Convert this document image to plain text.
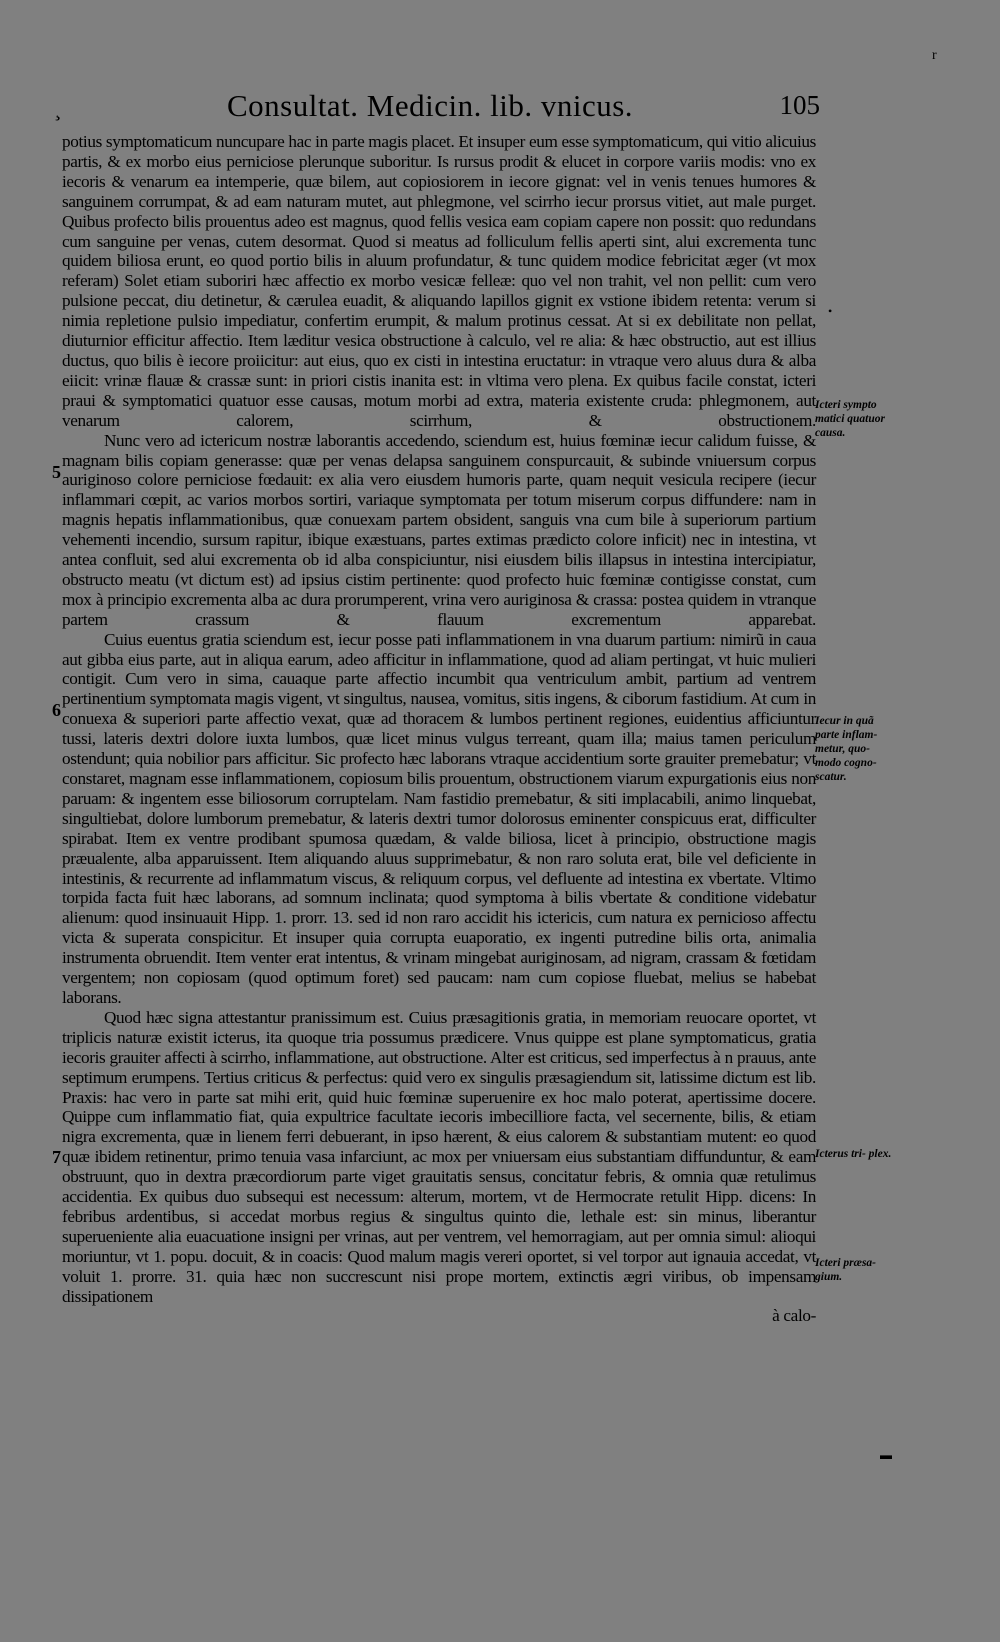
¸	Consultat. Medicin. lib. vnicus.	105
r

potius symptomaticum nuncupare hac in parte magis placet. Et insuper eum esse symptomaticum, qui vitio alicuius partis, & ex morbo eius perniciose plerunque suboritur. Is rursus prodit & elucet in corpore variis modis: vno ex iecoris & venarum ea intemperie, quæ bilem, aut copiosiorem in iecore gignat: vel in venis tenues humores & sanguinem corrumpat, & ad eam naturam mutet, aut phlegmone, vel scirrho iecur prorsus vitiet, aut male purget. Quibus profecto bilis prouentus adeo est magnus, quod fellis vesica eam copiam capere non possit: quo redundans cum sanguine per venas, cutem desormat. Quod si meatus ad folliculum fellis aperti sint, alui excrementa tunc quidem biliosa erunt, eo quod portio bilis in aluum profundatur, & tunc quidem modice febricitat æger (vt mox referam) Solet etiam suboriri hæc affectio ex morbo vesicæ felleæ: quo vel non trahit, vel non pellit: cum vero pulsione peccat, diu detinetur, & cærulea euadit, & aliquando lapillos gignit ex vstione ibidem retenta: verum si nimia repletione pulsio impediatur, confertim erumpit, & malum protinus cessat. At si ex debilitate non pellat, diuturnior efficitur affectio. Item læditur vesica obstructione à calculo, vel re alia: & hæc obstructio, aut est illius ductus, quo bilis è iecore proiicitur: aut eius, quo ex cisti in intestina eructatur: in vtraque vero aluus dura & alba eiicit: vrinæ flauæ & crassæ sunt: in priori cistis inanita est: in vltima vero plena. Ex quibus facile constat, icteri praui & symptomatici quatuor esse causas, motum morbi ad extra, materia existente cruda: phlegmonem, aut venarum calorem, scirrhum, & obstructionem.

Nunc vero ad ictericum nostræ laborantis accedendo, sciendum est, huius fœminæ iecur calidum fuisse, & magnam bilis copiam generasse: quæ per venas delapsa sanguinem conspurcauit, & subinde vniuersum corpus auriginoso colore perniciose fœdauit: ex alia vero eiusdem humoris parte, quam nequit vesicula recipere (iecur inflammari cœpit, ac varios morbos sortiri, variaque symptomata per totum miserum corpus diffundere: nam in magnis hepatis inflammationibus, quæ conuexam partem obsident, sanguis vna cum bile à superiorum partium vehementi incendio, sursum rapitur, ibique exæstuans, partes extimas prædicto colore inficit) nec in intestina, vt antea confluit, sed alui excrementa ob id alba conspiciuntur, nisi eiusdem bilis illapsus in intestina intercipiatur, obstructo meatu (vt dictum est) ad ipsius cistim pertinente: quod profecto huic fœminæ contigisse constat, cum mox à principio excrementa alba ac dura prorumperent, vrina vero auriginosa & crassa: postea quidem in vtranque partem crassum & flauum excrementum apparebat.

Cuius euentus gratia sciendum est, iecur posse pati inflammationem in vna duarum partium: nimirũ in caua aut gibba eius parte, aut in aliqua earum, adeo afficitur in inflammatione, quod ad aliam pertingat, vt huic mulieri contigit. Cum vero in sima, cauaque parte affectio incumbit qua ventriculum ambit, partium ad ventrem pertinentium symptomata magis vigent, vt singultus, nausea, vomitus, sitis ingens, & ciborum fastidium. At cum in conuexa & superiori parte affectio vexat, quæ ad thoracem & lumbos pertinent regiones, euidentius afficiuntur tussi, lateris dextri dolore iuxta lumbos, quæ licet minus vulgus terreant, quam illa; maius tamen periculum ostendunt; quia nobilior pars afficitur. Sic profecto hæc laborans vtraque accidentium sorte grauiter premebatur; vt constaret, magnam esse inflammationem, copiosum bilis prouentum, obstructionem viarum expurgationis eius non paruam: & ingentem esse biliosorum corruptelam. Nam fastidio premebatur, & siti implacabili, animo linquebat, singultiebat, dolore lumborum premebatur, & lateris dextri tumor dolorosus eminenter conspicuus erat, difficulter spirabat. Item ex ventre prodibant spumosa quædam, & valde biliosa, licet à principio, obstructione magis præualente, alba apparuissent. Item aliquando aluus supprimebatur, & non raro soluta erat, bile vel deficiente in intestinis, & recurrente ad inflammatum viscus, & reliquum corpus, vel defluente ad intestina ex vbertate. Vltimo torpida facta fuit hæc laborans, ad somnum inclinata; quod symptoma à bilis vbertate & conditione videbatur alienum: quod insinuauit Hipp. 1. prorr. 13. sed id non raro accidit his ictericis, cum natura ex pernicioso affectu victa & superata conspicitur. Et insuper quia corrupta euaporatio, ex ingenti putredine bilis orta, animalia instrumenta obruendit. Item venter erat intentus, & vrinam mingebat auriginosam, ad nigram, crassam & fœtidam vergentem; non copiosam (quod optimum foret) sed paucam: nam cum copiose fluebat, melius se habebat laborans.

Quod hæc signa attestantur pranissimum est. Cuius præsagitionis gratia, in memoriam reuocare oportet, vt triplicis naturæ existit icterus, ita quoque tria possumus prædicere. Vnus quippe est plane symptomaticus, gratia iecoris grauiter affecti à scirrho, inflammatione, aut obstructione. Alter est criticus, sed imperfectus à n prauus, ante septimum erumpens. Tertius criticus & perfectus: quid vero ex singulis præsagiendum sit, latissime dictum est lib. Praxis: hac vero in parte sat mihi erit, quid huic fœminæ superuenire ex hoc malo poterat, apertissime docere. Quippe cum inflammatio fiat, quia expultrice facultate iecoris imbecilliore facta, vel secernente, bilis, & etiam nigra excrementa, quæ in lienem ferri debuerant, in ipso hærent, & eius calorem & substantiam mutent: eo quod quæ ibidem retinentur, primo tenuia vasa infarciunt, ac mox per vniuersam eius substantiam diffunduntur, & eam obstruunt, quo in dextra præcordiorum parte viget grauitatis sensus, concitatur febris, & omnia quæ retulimus accidentia. Ex quibus duo subsequi est necessum: alterum, mortem, vt de Hermocrate retulit Hipp. dicens: In febribus ardentibus, si accedat morbus regius & singultus quinto die, lethale est: sin minus, liberantur superueniente alia euacuatione insigni per vrinas, aut per ventrem, vel hemorragiam, aut per omnia simul: alioqui moriuntur, vt 1. popu. docuit, & in coacis: Quod malum magis vereri oportet, si vel torpor aut ignauia accedat, vt voluit 1. prorre. 31. quia hæc non succrescunt nisi prope mortem, extinctis ægri viribus, ob impensam dissipationem

à calo-

5
6
7
Icteri sympto matici quatuor causa.
Iecur in quã parte inflam- metur, quo- modo cogno- scatur.
Icterus tri- plex.
Icteri præsa- gium.
•
▬
